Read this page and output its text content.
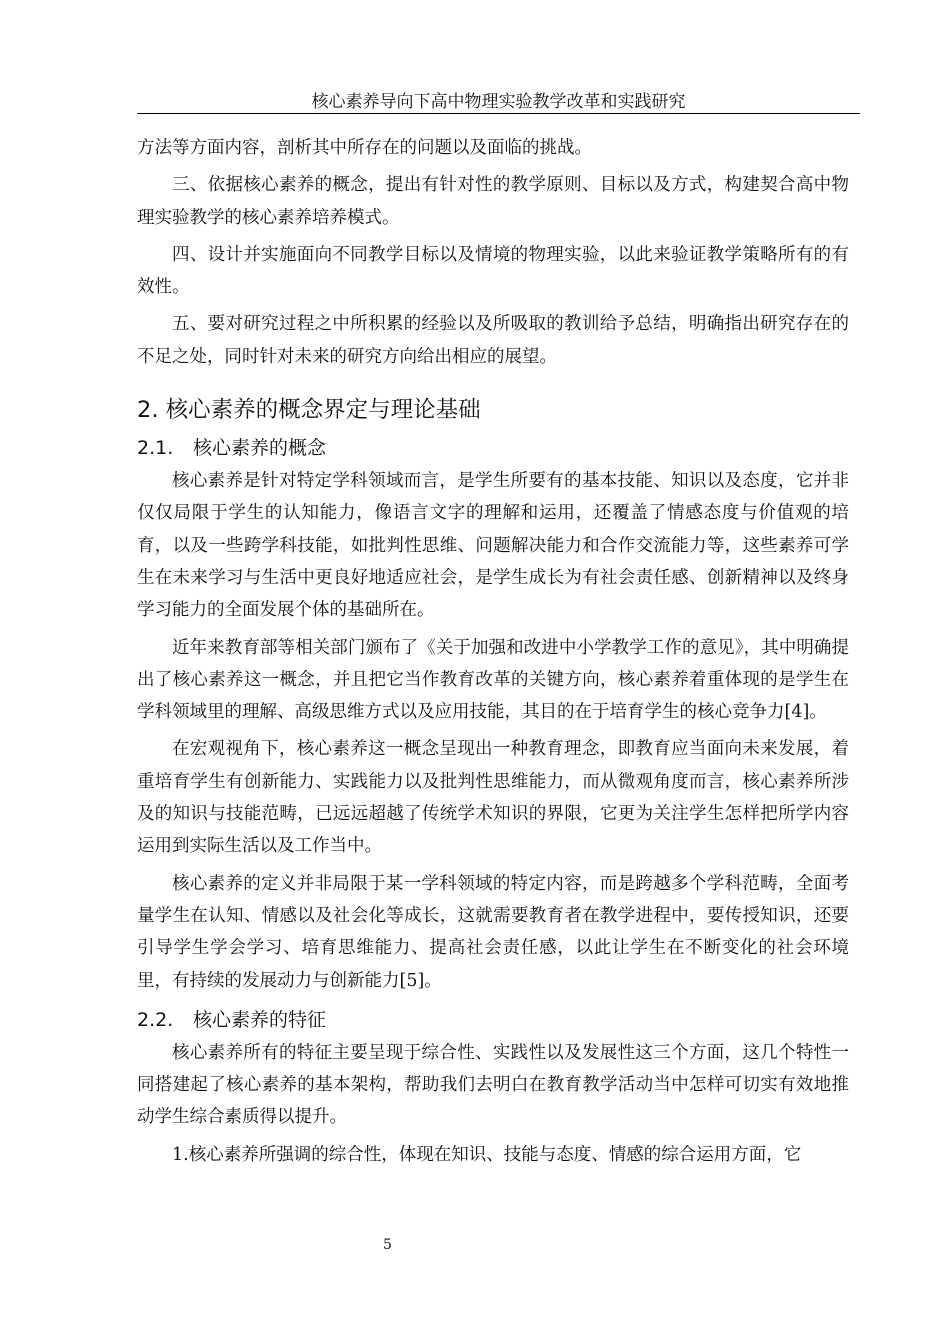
核心素养导向下高中物理实验教学改革和实践研究

方法等方面内容，剖析其中所存在的问题以及面临的挑战。

三、依据核心素养的概念，提出有针对性的教学原则、目标以及方式，构建契合高中物理实验教学的核心素养培养模式。

四、设计并实施面向不同教学目标以及情境的物理实验，以此来验证教学策略所有的有效性。

五、要对研究过程之中所积累的经验以及所吸取的教训给予总结，明确指出研究存在的不足之处，同时针对未来的研究方向给出相应的展望。

2. 核心素养的概念界定与理论基础
2.1. 核心素养的概念

核心素养是针对特定学科领域而言，是学生所要有的基本技能、知识以及态度，它并非仅仅局限于学生的认知能力，像语言文字的理解和运用，还覆盖了情感态度与价值观的培育，以及一些跨学科技能，如批判性思维、问题解决能力和合作交流能力等，这些素养可学生在未来学习与生活中更良好地适应社会，是学生成长为有社会责任感、创新精神以及终身学习能力的全面发展个体的基础所在。

近年来教育部等相关部门颁布了《关于加强和改进中小学教学工作的意见》，其中明确提出了核心素养这一概念，并且把它当作教育改革的关键方向，核心素养着重体现的是学生在学科领域里的理解、高级思维方式以及应用技能，其目的在于培育学生的核心竞争力[4]。

在宏观视角下，核心素养这一概念呈现出一种教育理念，即教育应当面向未来发展，着重培育学生有创新能力、实践能力以及批判性思维能力，而从微观角度而言，核心素养所涉及的知识与技能范畴，已远远超越了传统学术知识的界限，它更为关注学生怎样把所学内容运用到实际生活以及工作当中。

核心素养的定义并非局限于某一学科领域的特定内容，而是跨越多个学科范畴，全面考量学生在认知、情感以及社会化等成长，这就需要教育者在教学进程中，要传授知识，还要引导学生学会学习、培育思维能力、提高社会责任感，以此让学生在不断变化的社会环境里，有持续的发展动力与创新能力[5]。

2.2. 核心素养的特征

核心素养所有的特征主要呈现于综合性、实践性以及发展性这三个方面，这几个特性一同搭建起了核心素养的基本架构，帮助我们去明白在教育教学活动当中怎样可切实有效地推动学生综合素质得以提升。

1.核心素养所强调的综合性，体现在知识、技能与态度、情感的综合运用方面，它

5
